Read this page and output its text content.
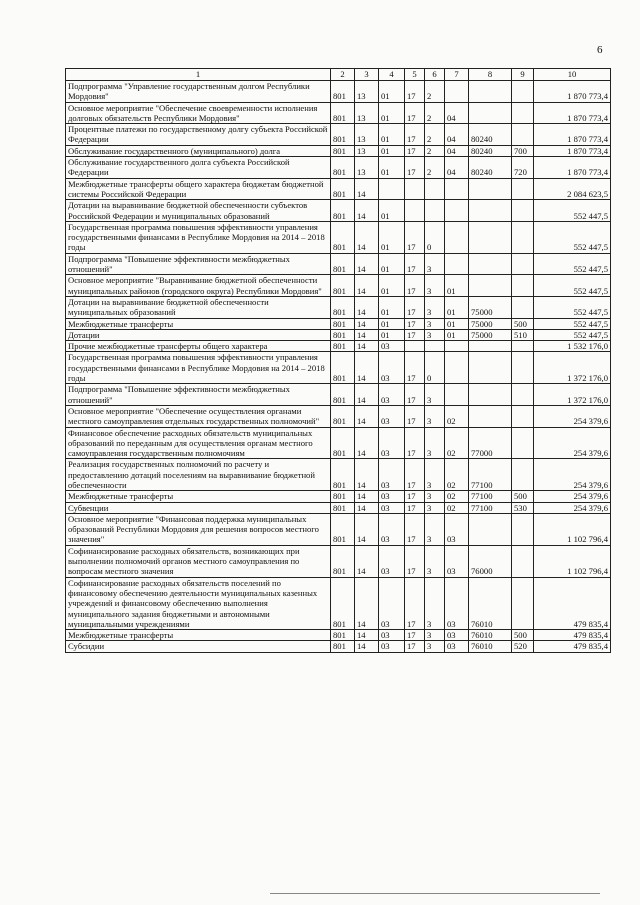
6
1	2	3	4	5	6	7	8	9	10
Подпрограмма "Управление государственным долгом Республики Мордовия"	801	13	01	17	2				1 870 773,4
Основное мероприятие "Обеспечение своевременности исполнения долговых обязательств Республики Мордовия"	801	13	01	17	2	04			1 870 773,4
Процентные платежи по государственному долгу субъекта Российской Федерации	801	13	01	17	2	04	80240		1 870 773,4
Обслуживание государственного (муниципального) долга	801	13	01	17	2	04	80240	700	1 870 773,4
Обслуживание государственного долга субъекта Российской Федерации	801	13	01	17	2	04	80240	720	1 870 773,4
Межбюджетные трансферты общего характера бюджетам бюджетной системы Российской Федерации	801	14							2 084 623,5
Дотации на выравнивание бюджетной обеспеченности субъектов Российской Федерации и муниципальных образований	801	14	01						552 447,5
Государственная программа повышения эффективности управления государственными финансами в Республике Мордовия на 2014 – 2018 годы	801	14	01	17	0				552 447,5
Подпрограмма "Повышение эффективности межбюджетных отношений"	801	14	01	17	3				552 447,5
Основное мероприятие "Выравнивание бюджетной обеспеченности муниципальных районов (городского округа) Республики Мордовия"	801	14	01	17	3	01			552 447,5
Дотации на выравнивание бюджетной обеспеченности муниципальных образований	801	14	01	17	3	01	75000		552 447,5
Межбюджетные трансферты	801	14	01	17	3	01	75000	500	552 447,5
Дотации	801	14	01	17	3	01	75000	510	552 447,5
Прочие межбюджетные трансферты общего характера	801	14	03						1 532 176,0
Государственная программа повышения эффективности управления государственными финансами в Республике Мордовия на 2014 – 2018 годы	801	14	03	17	0				1 372 176,0
Подпрограмма "Повышение эффективности межбюджетных отношений"	801	14	03	17	3				1 372 176,0
Основное мероприятие "Обеспечение осуществления органами местного самоуправления отдельных государственных полномочий"	801	14	03	17	3	02			254 379,6
Финансовое обеспечение расходных обязательств муниципальных образований по переданным для осуществления органам местного самоуправления государственным полномочиям	801	14	03	17	3	02	77000		254 379,6
Реализация государственных полномочий по расчету и предоставлению дотаций поселениям на выравнивание бюджетной обеспеченности	801	14	03	17	3	02	77100		254 379,6
Межбюджетные трансферты	801	14	03	17	3	02	77100	500	254 379,6
Субвенции	801	14	03	17	3	02	77100	530	254 379,6
Основное мероприятие "Финансовая поддержка муниципальных образований Республики Мордовия для решения вопросов местного значения"	801	14	03	17	3	03			1 102 796,4
Софинансирование расходных обязательств, возникающих при выполнении полномочий органов местного самоуправления по вопросам местного значения	801	14	03	17	3	03	76000		1 102 796,4
Софинансирование расходных обязательств поселений по финансовому обеспечению деятельности муниципальных казенных учреждений и финансовому обеспечению выполнения муниципального задания бюджетными и автономными муниципальными учреждениями	801	14	03	17	3	03	76010		479 835,4
Межбюджетные трансферты	801	14	03	17	3	03	76010	500	479 835,4
Субсидии	801	14	03	17	3	03	76010	520	479 835,4
